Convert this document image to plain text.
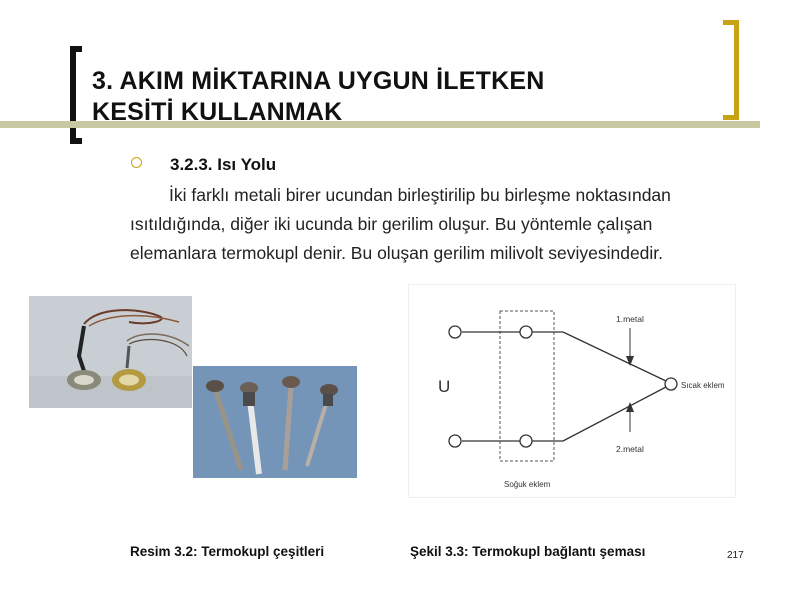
3. AKIM MİKTARINA UYGUN İLETKEN
KESİTİ KULLANMAK
3.2.3. Isı Yolu
İki farklı metali birer ucundan birleştirilip bu birleşme noktasından
ısıtıldığında, diğer iki ucunda bir gerilim oluşur. Bu yöntemle çalışan
elemanlara termokupl denir. Bu oluşan gerilim milivolt seviyesindedir.
U
1.metal
2.metal
Sıcak eklem
Soğuk eklem
Resim 3.2: Termokupl çeşitleri	Şekil 3.3: Termokupl bağlantı şeması	217
